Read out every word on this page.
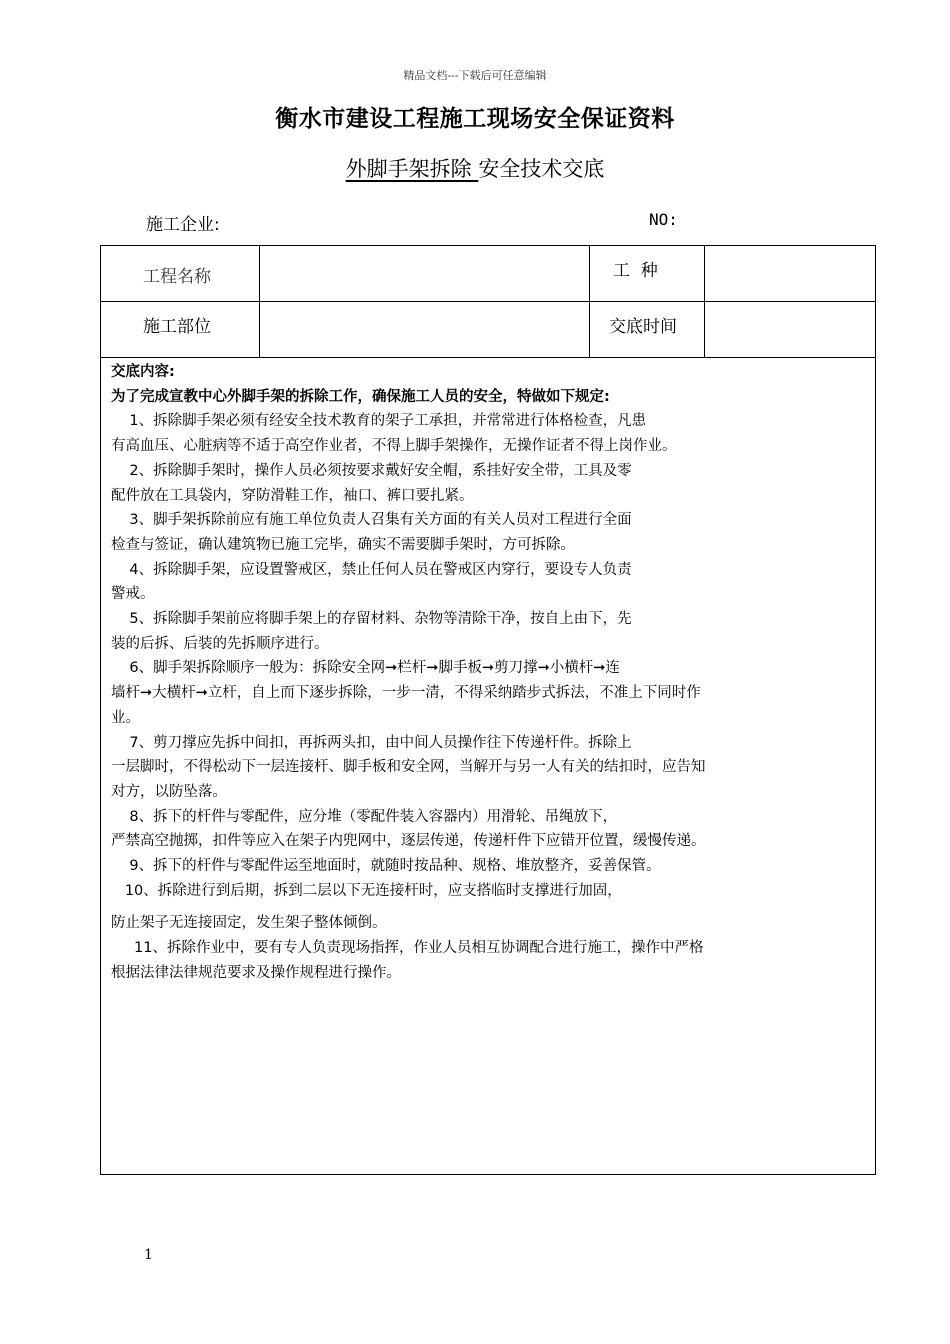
精品文档---下载后可任意编辑
衡水市建设工程施工现场安全保证资料
外脚手架拆除 安全技术交底
施工企业:	NO:
工程名称	工  种
施工部位	交底时间
交底内容:
为了完成宣教中心外脚手架的拆除工作，确保施工人员的安全，特做如下规定:
1、拆除脚手架必须有经安全技术教育的架子工承担，并常常进行体格检查，凡患
有高血压、心脏病等不适于高空作业者，不得上脚手架操作，无操作证者不得上岗作业。
2、拆除脚手架时，操作人员必须按要求戴好安全帽，系挂好安全带，工具及零
配件放在工具袋内，穿防滑鞋工作，袖口、裤口要扎紧。
3、脚手架拆除前应有施工单位负责人召集有关方面的有关人员对工程进行全面
检查与签证，确认建筑物已施工完毕，确实不需要脚手架时，方可拆除。
4、拆除脚手架，应设置警戒区，禁止任何人员在警戒区内穿行，要设专人负责
警戒。
5、拆除脚手架前应将脚手架上的存留材料、杂物等清除干净，按自上由下，先
装的后拆、后装的先拆顺序进行。
6、脚手架拆除顺序一般为：拆除安全网➞栏杆➞脚手板➞剪刀撑➞小横杆➞连
墙杆➞大横杆➞立杆，自上而下逐步拆除，一步一清，不得采纳踏步式拆法，不准上下同时作
业。
7、剪刀撑应先拆中间扣，再拆两头扣，由中间人员操作往下传递杆件。拆除上
一层脚时，不得松动下一层连接杆、脚手板和安全网，当解开与另一人有关的结扣时，应告知
对方，以防坠落。
8、拆下的杆件与零配件，应分堆（零配件装入容器内）用滑轮、吊绳放下，
严禁高空抛掷，扣件等应入在架子内兜网中，逐层传递，传递杆件下应错开位置，缓慢传递。
9、拆下的杆件与零配件运至地面时，就随时按品种、规格、堆放整齐，妥善保管。
10、拆除进行到后期，拆到二层以下无连接杆时，应支搭临时支撑进行加固，
防止架子无连接固定，发生架子整体倾倒。
11、拆除作业中，要有专人负责现场指挥，作业人员相互协调配合进行施工，操作中严格
根据法律法律规范要求及操作规程进行操作。
1
